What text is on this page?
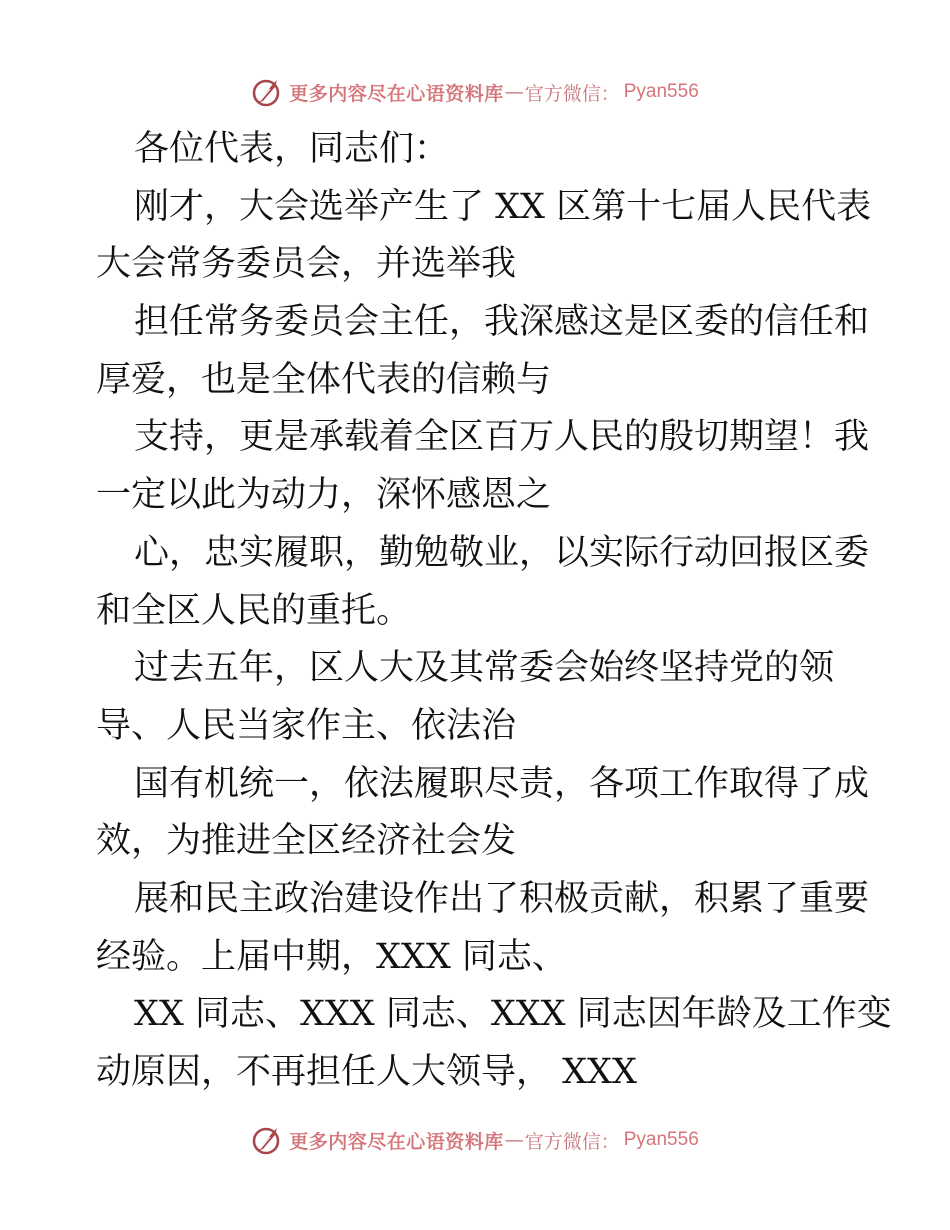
更多内容尽在心语资料库 — 官方微信： Pyan556
各位代表，同志们：
刚才，大会选举产生了 XX 区第十七届人民代表
大会常务委员会，并选举我
担任常务委员会主任，我深感这是区委的信任和
厚爱，也是全体代表的信赖与
支持，更是承载着全区百万人民的殷切期望！我
一定以此为动力，深怀感恩之
心，忠实履职，勤勉敬业，以实际行动回报区委
和全区人民的重托。
过去五年，区人大及其常委会始终坚持党的领
导、人民当家作主、依法治
国有机统一，依法履职尽责，各项工作取得了成
效，为推进全区经济社会发
展和民主政治建设作出了积极贡献，积累了重要
经验。上届中期，XXX 同志、
XX 同志、XXX 同志、XXX 同志因年龄及工作变
动原因，不再担任人大领导， XXX
更多内容尽在心语资料库 — 官方微信： Pyan556
